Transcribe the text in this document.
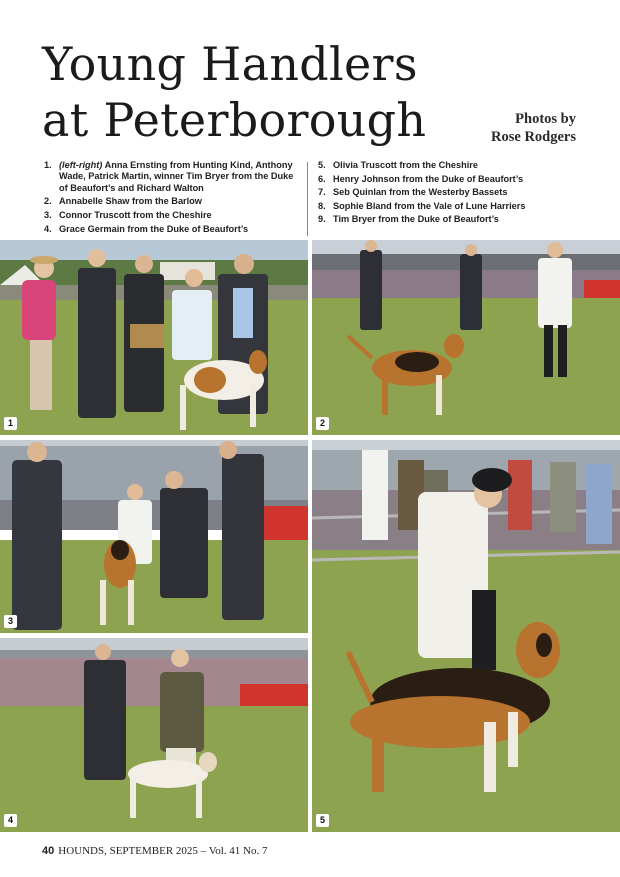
Young Handlers
at Peterborough	Photos by
Rose Rodgers
1. (left-right) Anna Ernsting from Hunting Kind, Anthony Wade, Patrick Martin, winner Tim Bryer from the Duke of Beaufort’s and Richard Walton
2. Annabelle Shaw from the Barlow
3. Connor Truscott from the Cheshire
4. Grace Germain from the Duke of Beaufort’s
5. Olivia Truscott from the Cheshire
6. Henry Johnson from the Duke of Beaufort’s
7. Seb Quinlan from the Westerby Bassets
8. Sophie Bland from the Vale of Lune Harriers
9. Tim Bryer from the Duke of Beaufort’s
1	2
3
4	5
40 HOUNDS, SEPTEMBER 2025 – Vol. 41 No. 7
